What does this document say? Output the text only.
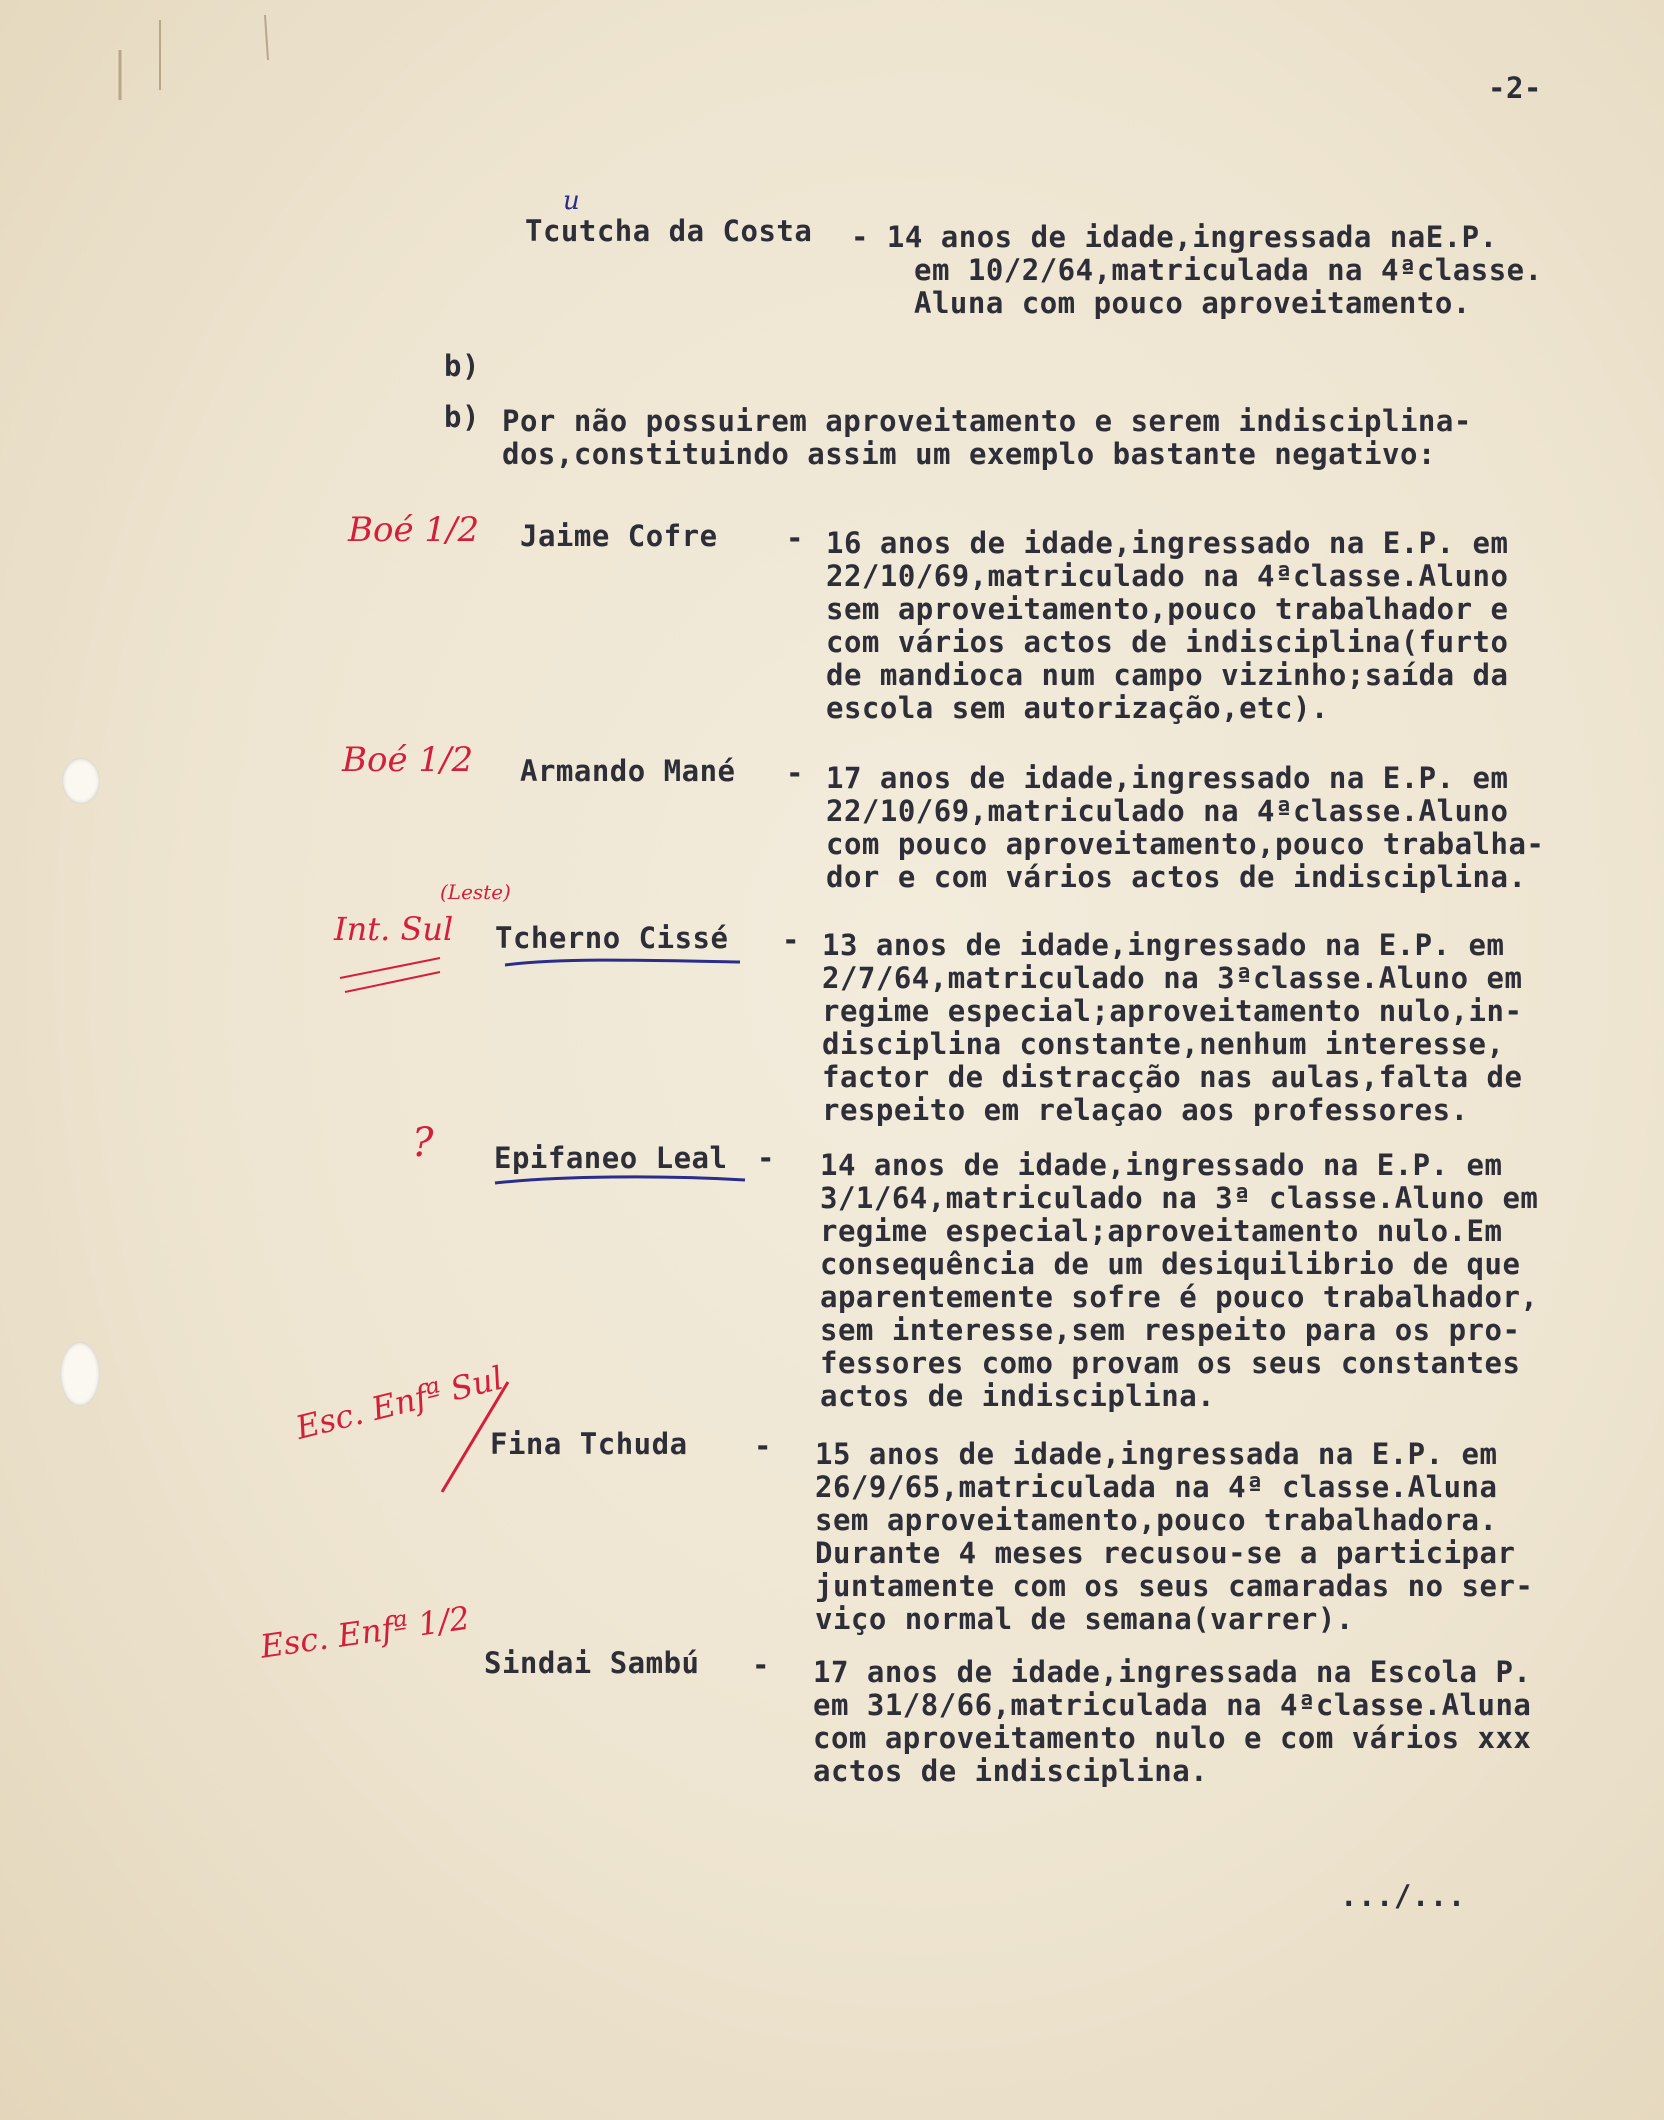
-2-
Tcutcha da Costa
u
- 14 anos de idade,ingressada naE.P.
em 10/2/64,matriculada na 4ªclasse.
Aluna com pouco aproveitamento.
b)
b) Por não possuirem aproveitamento e serem indisciplina-
dos,constituindo assim um exemplo bastante negativo:
Boé 1/2 Jaime Cofre - 16 anos de idade,ingressado na E.P. em
22/10/69,matriculado na 4ªclasse.Aluno
sem aproveitamento,pouco trabalhador e
com vários actos de indisciplina(furto
de mandioca num campo vizinho;saída da
escola sem autorização,etc).
Boé 1/2 Armando Mané - 17 anos de idade,ingressado na E.P. em
22/10/69,matriculado na 4ªclasse.Aluno
com pouco aproveitamento,pouco trabalha-
dor e com vários actos de indisciplina.
Int. Sul
(Leste)
Tcherno Cissé - 13 anos de idade,ingressado na E.P. em
2/7/64,matriculado na 3ªclasse.Aluno em
regime especial;aproveitamento nulo,in-
disciplina constante,nenhum interesse,
factor de distracção nas aulas,falta de
respeito em relaçao aos professores.
? Epifaneo Leal - 14 anos de idade,ingressado na E.P. em
3/1/64,matriculado na 3ª classe.Aluno em
regime especial;aproveitamento nulo.Em
consequência de um desiquilibrio de que
aparentemente sofre é pouco trabalhador,
sem interesse,sem respeito para os pro-
fessores como provam os seus constantes
actos de indisciplina.
Esc. Enfª Sul
Fina Tchuda - 15 anos de idade,ingressada na E.P. em
26/9/65,matriculada na 4ª classe.Aluna
sem aproveitamento,pouco trabalhadora.
Durante 4 meses recusou-se a participar
juntamente com os seus camaradas no ser-
viço normal de semana(varrer).
Esc. Enfª 1/2 Sindai Sambú - 17 anos de idade,ingressada na Escola P.
em 31/8/66,matriculada na 4ªclasse.Aluna
com aproveitamento nulo e com vários xxx
actos de indisciplina.
.../...
